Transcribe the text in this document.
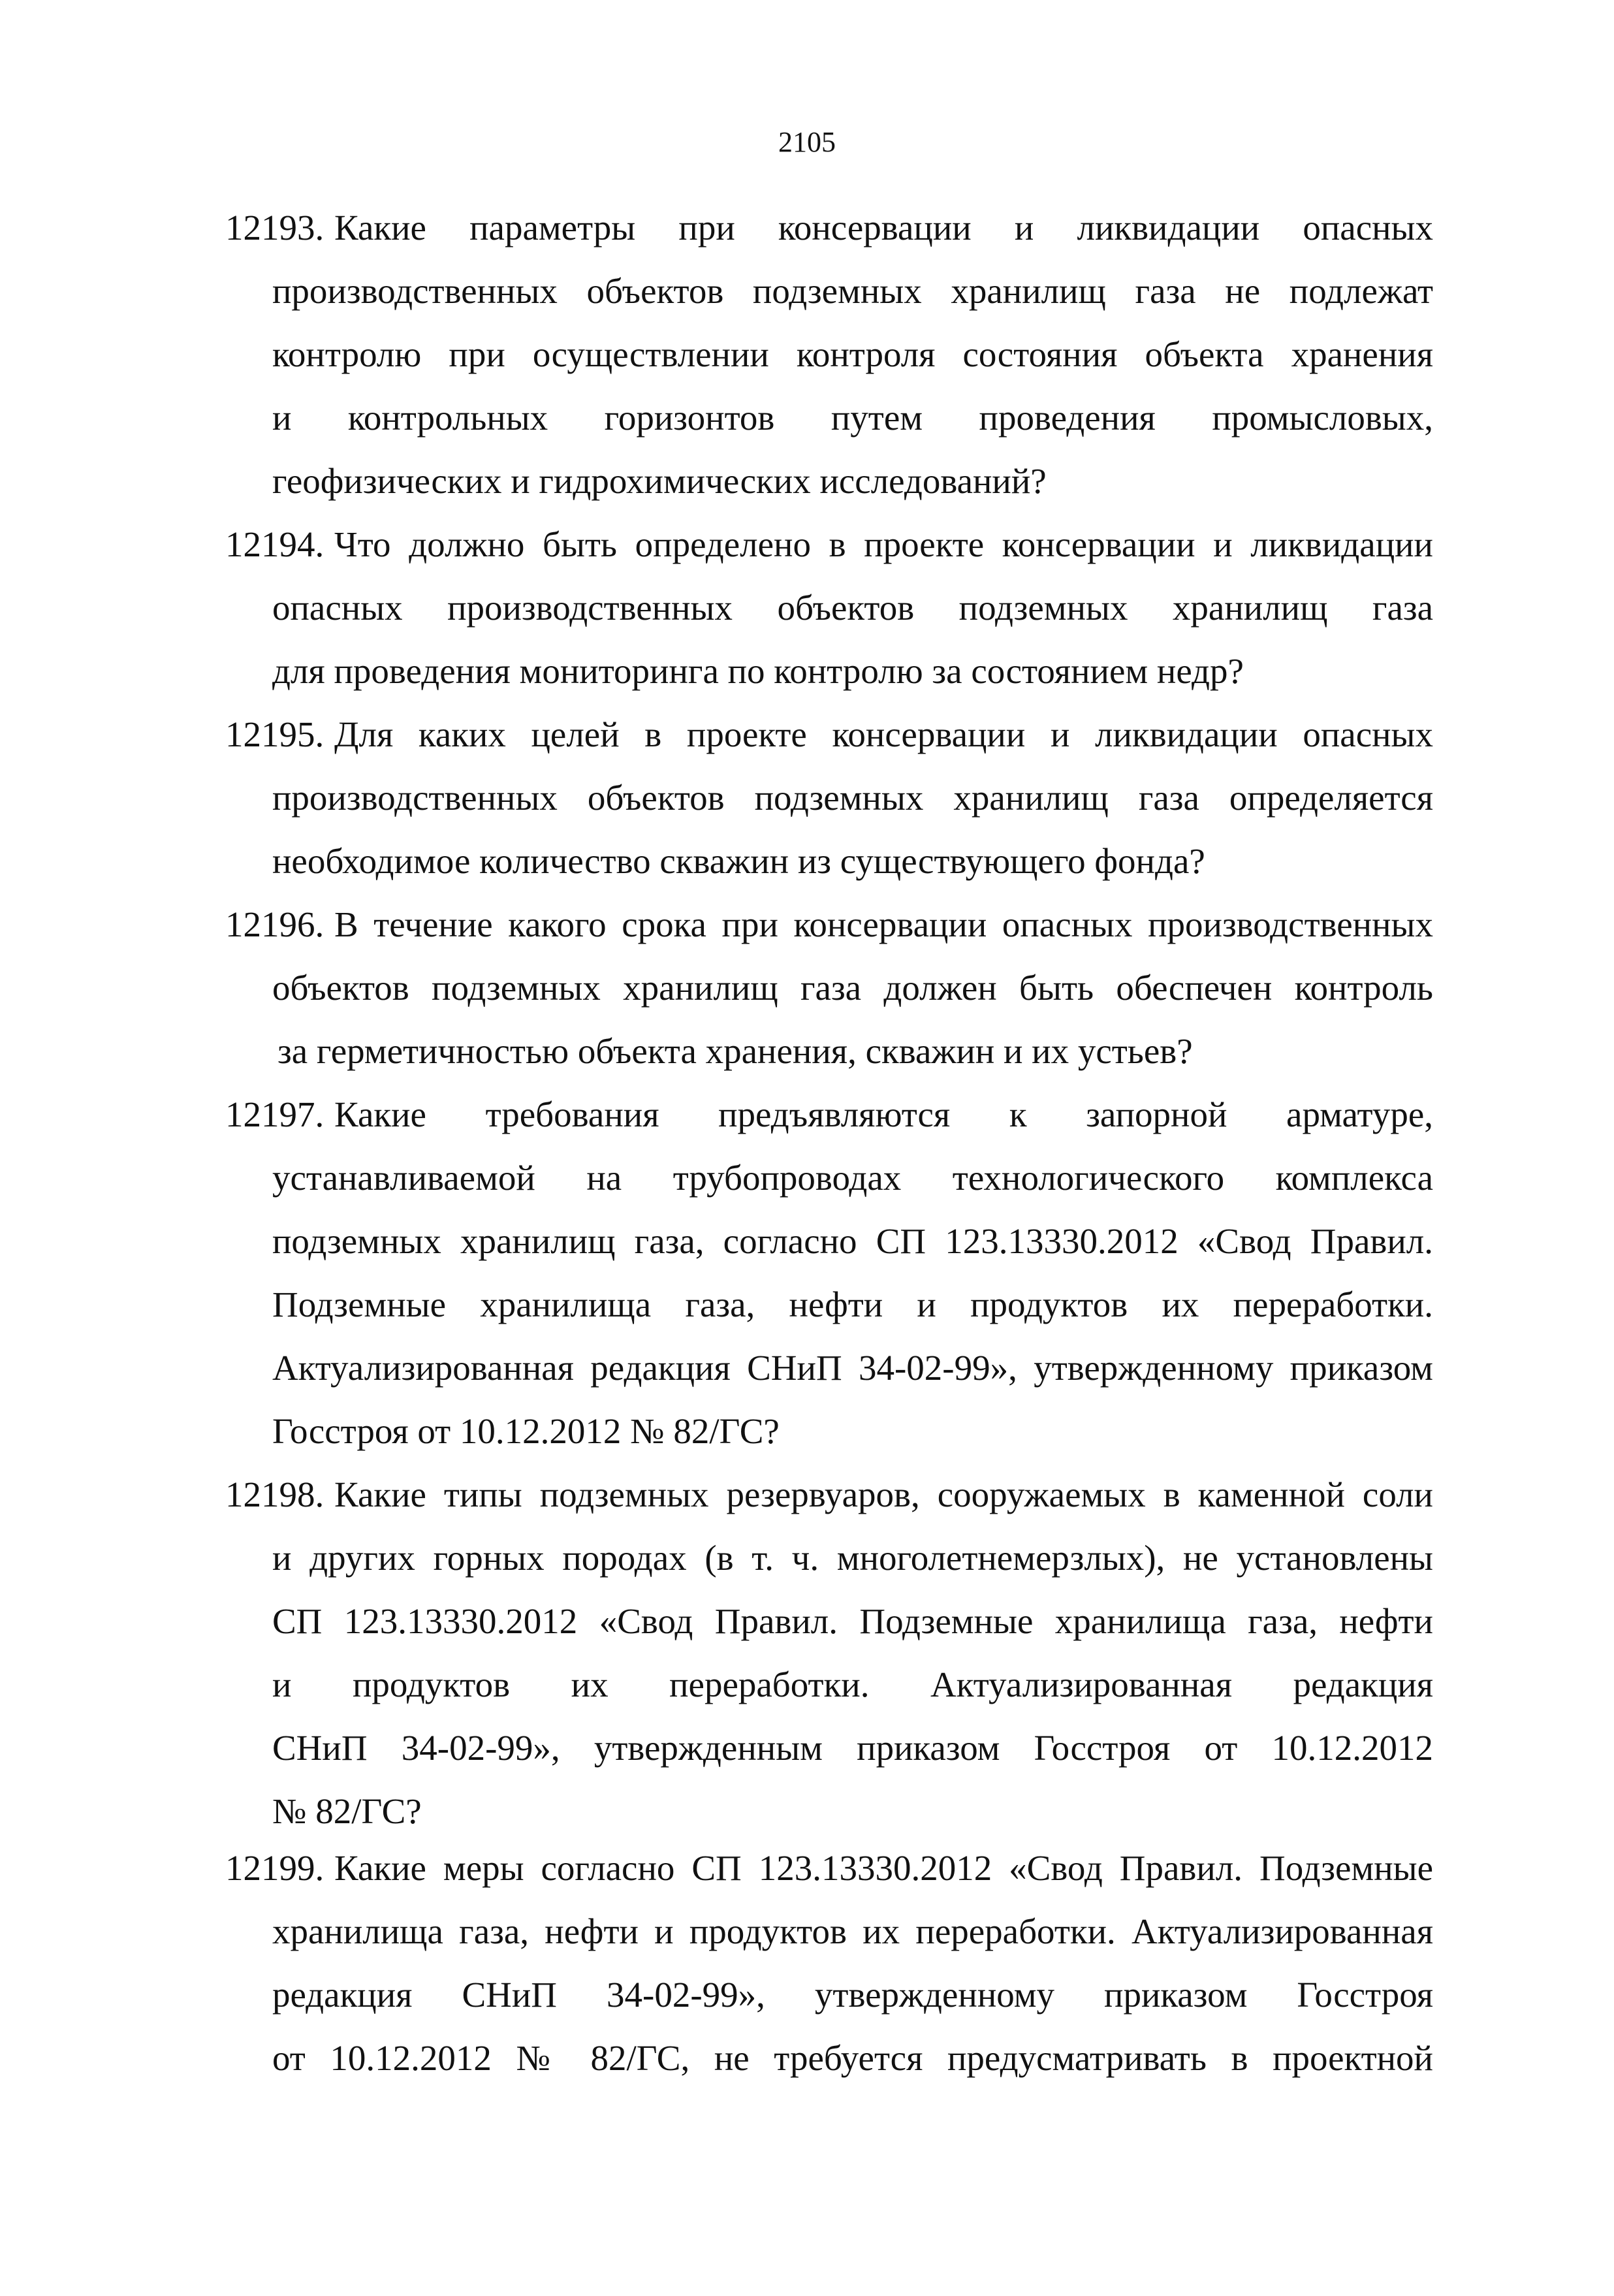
2105
12193. Какие параметры при консервации и ликвидации опасных
производственных объектов подземных хранилищ газа не подлежат
контролю при осуществлении контроля состояния объекта хранения
и контрольных горизонтов путем проведения промысловых,
геофизических и гидрохимических исследований?
12194. Что должно быть определено в проекте консервации и ликвидации
опасных производственных объектов подземных хранилищ газа
для проведения мониторинга по контролю за состоянием недр?
12195. Для каких целей в проекте консервации и ликвидации опасных
производственных объектов подземных хранилищ газа определяется
необходимое количество скважин из существующего фонда?
12196. В течение какого срока при консервации опасных производственных
объектов подземных хранилищ газа должен быть обеспечен контроль
за герметичностью объекта хранения, скважин и их устьев?
12197. Какие требования предъявляются к запорной арматуре,
устанавливаемой на трубопроводах технологического комплекса
подземных хранилищ газа, согласно СП 123.13330.2012 «Свод Правил.
Подземные хранилища газа, нефти и продуктов их переработки.
Актуализированная редакция СНиП 34-02-99», утвержденному приказом
Госстроя от 10.12.2012 № 82/ГС?
12198. Какие типы подземных резервуаров, сооружаемых в каменной соли
и других горных породах (в т. ч. многолетнемерзлых), не установлены
СП 123.13330.2012 «Свод Правил. Подземные хранилища газа, нефти
и продуктов их переработки. Актуализированная редакция
СНиП 34-02-99», утвержденным приказом Госстроя от 10.12.2012
№ 82/ГС?
12199. Какие меры согласно СП 123.13330.2012 «Свод Правил. Подземные
хранилища газа, нефти и продуктов их переработки. Актуализированная
редакция СНиП 34-02-99», утвержденному приказом Госстроя
от 10.12.2012 № 82/ГС, не требуется предусматривать в проектной
